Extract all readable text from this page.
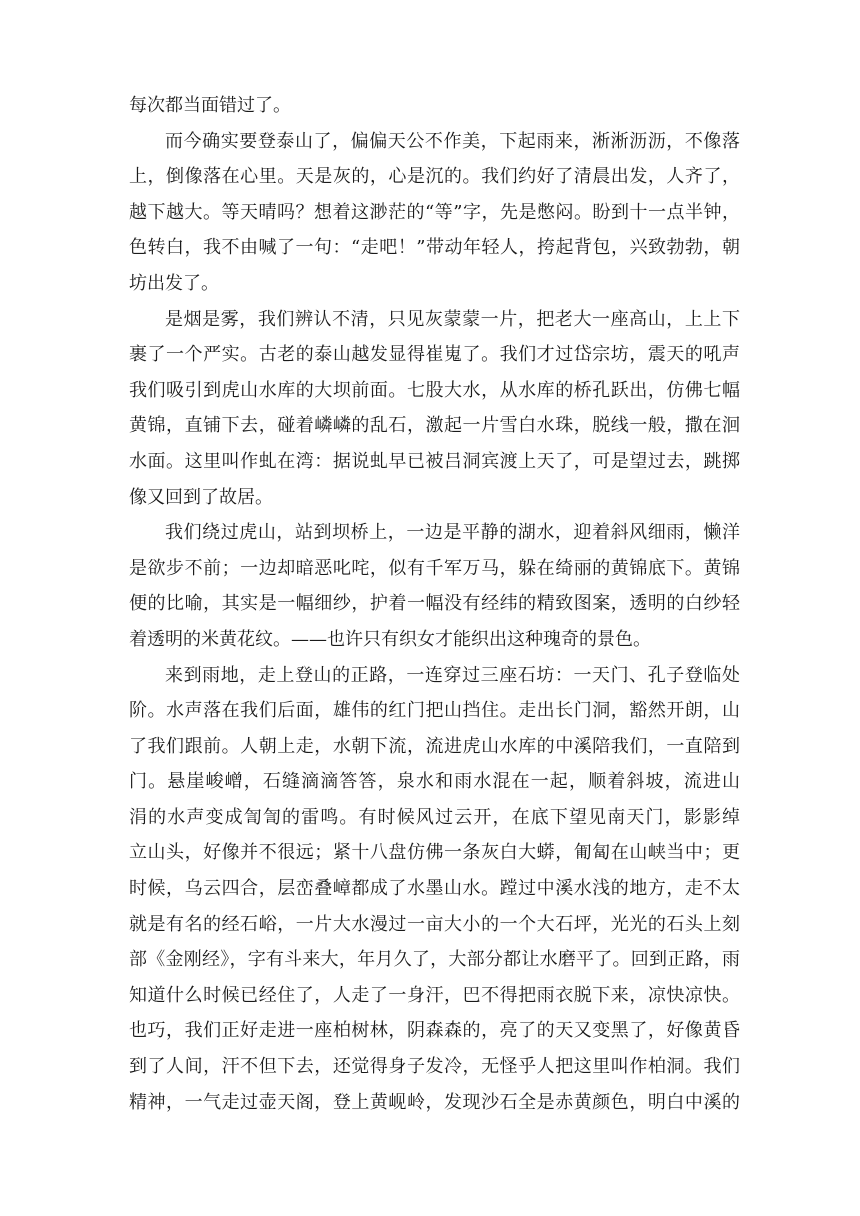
每次都当面错过了。
而今确实要登泰山了，偏偏天公不作美，下起雨来，淅淅沥沥，不像落
上，倒像落在心里。天是灰的，心是沉的。我们约好了清晨出发，人齐了，
越下越大。等天晴吗？想着这渺茫的“等”字，先是憋闷。盼到十一点半钟，
色转白，我不由喊了一句：“走吧！”带动年轻人，挎起背包，兴致勃勃，朝
坊出发了。
是烟是雾，我们辨认不清，只见灰蒙蒙一片，把老大一座高山，上上下
裹了一个严实。古老的泰山越发显得崔嵬了。我们才过岱宗坊，震天的吼声
我们吸引到虎山水库的大坝前面。七股大水，从水库的桥孔跃出，仿佛七幅
黄锦，直铺下去，碰着嶙嶙的乱石，激起一片雪白水珠，脱线一般，撒在洄
水面。这里叫作虬在湾：据说虬早已被吕洞宾渡上天了，可是望过去，跳掷
像又回到了故居。
我们绕过虎山，站到坝桥上，一边是平静的湖水，迎着斜风细雨，懒洋
是欲步不前；一边却暗恶叱咤，似有千军万马，躲在绮丽的黄锦底下。黄锦
便的比喻，其实是一幅细纱，护着一幅没有经纬的精致图案，透明的白纱轻
着透明的米黄花纹。——也许只有织女才能织出这种瑰奇的景色。
来到雨地，走上登山的正路，一连穿过三座石坊：一天门、孔子登临处
阶。水声落在我们后面，雄伟的红门把山挡住。走出长门洞，豁然开朗，山
了我们跟前。人朝上走，水朝下流，流进虎山水库的中溪陪我们，一直陪到
门。悬崖峻嶒，石缝滴滴答答，泉水和雨水混在一起，顺着斜坡，流进山
涓的水声变成訇訇的雷鸣。有时候风过云开，在底下望见南天门，影影绰
立山头，好像并不很远；紧十八盘仿佛一条灰白大蟒，匍匐在山峡当中；更
时候，乌云四合，层峦叠嶂都成了水墨山水。蹚过中溪水浅的地方，走不太
就是有名的经石峪，一片大水漫过一亩大小的一个大石坪，光光的石头上刻
部《金刚经》，字有斗来大，年月久了，大部分都让水磨平了。回到正路，雨
知道什么时候已经住了，人走了一身汗，巴不得把雨衣脱下来，凉快凉快。
也巧，我们正好走进一座柏树林，阴森森的，亮了的天又变黑了，好像黄昏
到了人间，汗不但下去，还觉得身子发冷，无怪乎人把这里叫作柏洞。我们
精神，一气走过壶天阁，登上黄岘岭，发现沙石全是赤黄颜色，明白中溪的
